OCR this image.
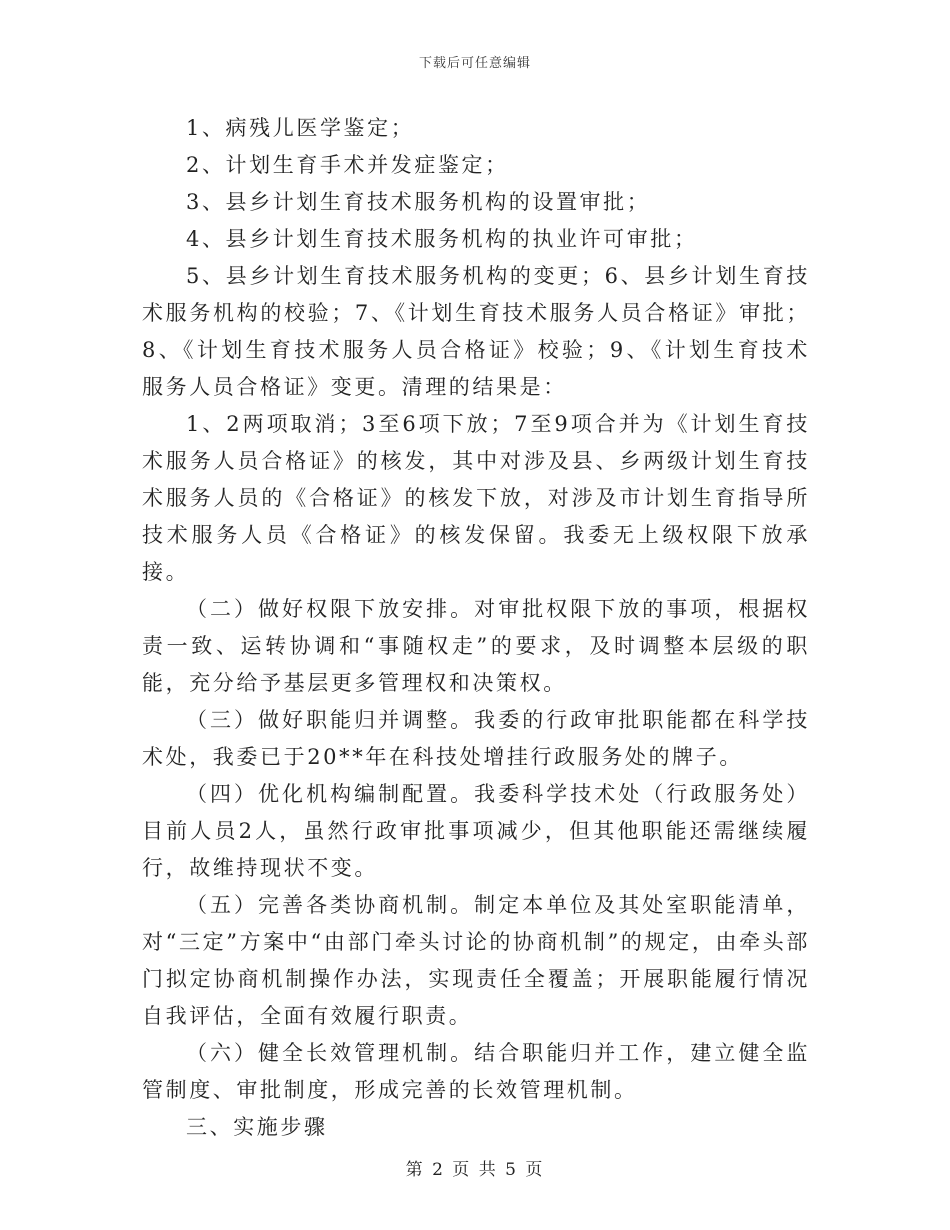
下载后可任意编辑

1、病残儿医学鉴定；

2、计划生育手术并发症鉴定；

3、县乡计划生育技术服务机构的设置审批；

4、县乡计划生育技术服务机构的执业许可审批；

5、县乡计划生育技术服务机构的变更；6、县乡计划生育技术服务机构的校验；7、《计划生育技术服务人员合格证》审批；8、《计划生育技术服务人员合格证》校验；9、《计划生育技术服务人员合格证》变更。清理的结果是：

1、2两项取消；3至6项下放；7至9项合并为《计划生育技术服务人员合格证》的核发，其中对涉及县、乡两级计划生育技术服务人员的《合格证》的核发下放，对涉及市计划生育指导所技术服务人员《合格证》的核发保留。我委无上级权限下放承接。

（二）做好权限下放安排。对审批权限下放的事项，根据权责一致、运转协调和“事随权走”的要求，及时调整本层级的职能，充分给予基层更多管理权和决策权。

（三）做好职能归并调整。我委的行政审批职能都在科学技术处，我委已于20**年在科技处增挂行政服务处的牌子。

（四）优化机构编制配置。我委科学技术处（行政服务处）目前人员2人，虽然行政审批事项减少，但其他职能还需继续履行，故维持现状不变。

（五）完善各类协商机制。制定本单位及其处室职能清单，对“三定”方案中“由部门牵头讨论的协商机制”的规定，由牵头部门拟定协商机制操作办法，实现责任全覆盖；开展职能履行情况自我评估，全面有效履行职责。

（六）健全长效管理机制。结合职能归并工作，建立健全监管制度、审批制度，形成完善的长效管理机制。

三、实施步骤

第 2 页 共 5 页
